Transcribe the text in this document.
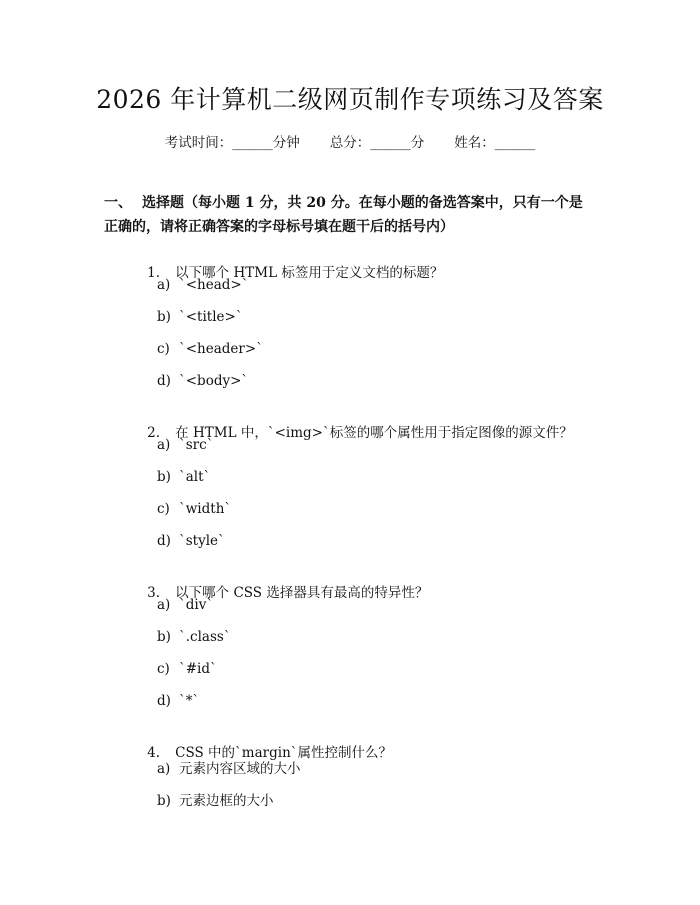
2026 年计算机二级网页制作专项练习及答案
考试时间：______分钟 总分：______分 姓名：______
一、 选择题（每小题 1 分，共 20 分。在每小题的备选答案中，只有一个是正确的，请将正确答案的字母标号填在题干后的括号内）

1. 以下哪个 HTML 标签用于定义文档的标题？

a) `<head>`
b) `<title>`
c) `<header>`
d) `<body>`

2. 在 HTML 中，`<img>`标签的哪个属性用于指定图像的源文件？

a) `src`
b) `alt`
c) `width`
d) `style`

3. 以下哪个 CSS 选择器具有最高的特异性？

a) `div`
b) `.class`
c) `#id`
d) `*`

4. CSS 中的`margin`属性控制什么？

a) 元素内容区域的大小
b) 元素边框的大小
